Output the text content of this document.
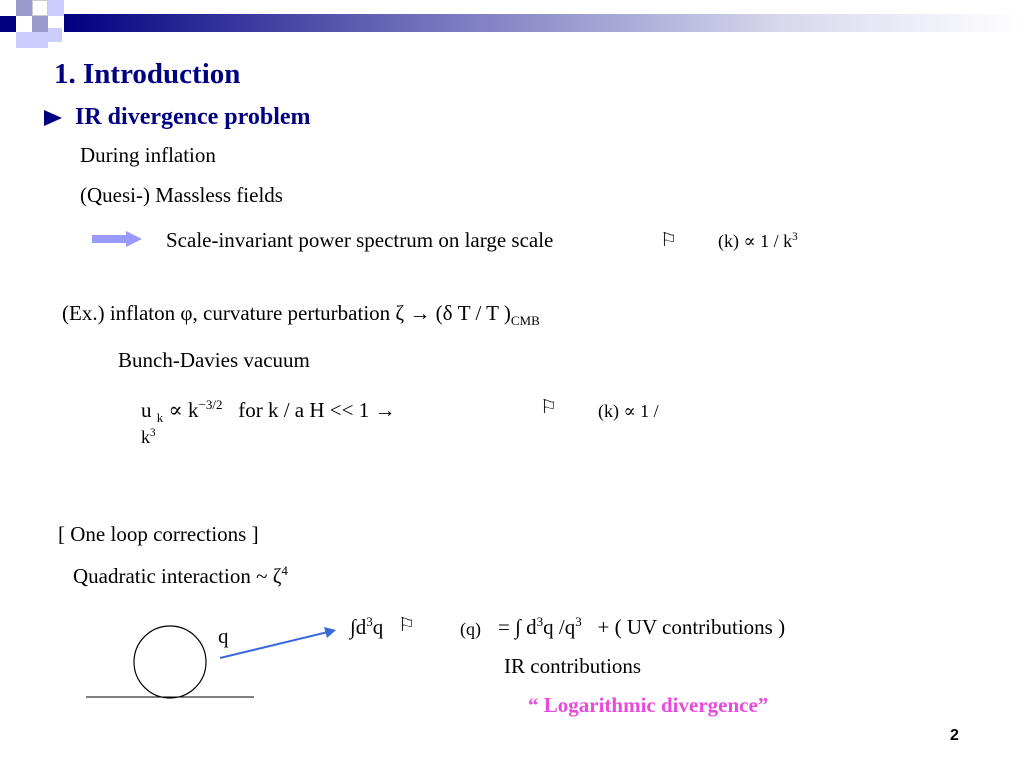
1. Introduction
IR divergence problem
During inflation
(Quesi-) Massless fields
Scale-invariant power spectrum on large scale	⚐ $(k) \propto 1 / k^3$
(Ex.) inflaton φ, curvature perturbation ζ → (δ T / T )$_{CMB}$
Bunch-Davies vacuum
u $_k \propto k^{-3/2}$ for k / a H << 1 →	⚐ (k) ∝ 1 /
$k^3$
[ One loop corrections ]
Quadratic interaction ~ $\zeta^4$
q	$\int d^3q$ ⚐ (q) = ∫ $d^3q$ $/q^3$ + ( UV contributions )
IR contributions
“ Logarithmic divergence”
2
